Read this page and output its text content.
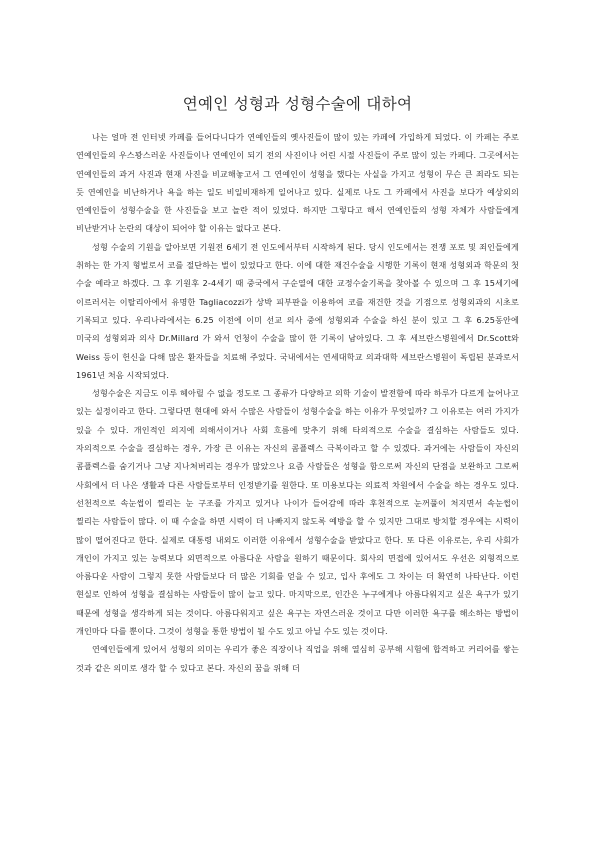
연예인 성형과 성형수술에 대하여

나는 얼마 전 인터넷 카페를 들어다니다가 연예인들의 옛사진들이 많이 있는 카페에 가입하게 되었다. 이 카페는 주로 연예인들의 우스꽝스러운 사진들이나 연예인이 되기 전의 사진이나 어린 시절 사진들이 주로 많이 있는 카페다. 그곳에서는 연예인들의 과거 사진과 현재 사진을 비교해놓고서 그 연예인이 성형을 했다는 사실을 가지고 성형이 무슨 큰 죄라도 되는 듯 연예인을 비난하거나 욕을 하는 일도 비일비재하게 일어나고 있다. 실제로 나도 그 카페에서 사진을 보다가 예상외의 연예인들이 성형수술을 한 사진들을 보고 놀란 적이 있었다. 하지만 그렇다고 해서 연예인들의 성형 자체가 사람들에게 비난받거나 논란의 대상이 되어야 할 이유는 없다고 본다.

성형 수술의 기원을 알아보면 기원전 6세기 전 인도에서부터 시작하게 된다. 당시 인도에서는 전쟁 포로 및 죄인들에게 취하는 한 가지 형벌로서 코를 절단하는 벌이 있었다고 한다. 이에 대한 재건수술을 시행한 기록이 현재 성형외과 학문의 첫 수술 예라고 하겠다. 그 후 기원후 2-4세기 때 중국에서 구순열에 대한 교정수술기록을 찾아볼 수 있으며 그 후 15세기에 이르러서는 이탈리아에서 유명한 Tagliacozzi가 상박 피부판을 이용하여 코를 재건한 것을 기점으로 성형외과의 시초로 기록되고 있다. 우리나라에서는 6.25 이전에 이미 선교 의사 중에 성형외과 수술을 하신 분이 있고 그 후 6.25동안에 미국의 성형외과 의사 Dr.Millard 가 와서 언청이 수술을 많이 한 기록이 남아있다. 그 후 세브란스병원에서 Dr.Scott와 Weiss 등이 헌신을 다해 많은 환자들을 치료해 주었다. 국내에서는 연세대학교 의과대학 세브란스병원이 독립된 분과로서 1961년 처음 시작되었다.

성형수술은 지금도 이루 헤아릴 수 없을 정도로 그 종류가 다양하고 의학 기술이 발전함에 따라 하루가 다르게 늘어나고 있는 실정이라고 한다. 그렇다면 현대에 와서 수많은 사람들이 성형수술을 하는 이유가 무엇일까? 그 이유로는 여러 가지가 있을 수 있다. 개인적인 의지에 의해서이거나 사회 흐름에 맞추기 위해 타의적으로 수술을 결심하는 사람들도 있다. 자의적으로 수술을 결심하는 경우, 가장 큰 이유는 자신의 콤플렉스 극복이라고 할 수 있겠다. 과거에는 사람들이 자신의 콤플렉스를 숨기거나 그냥 지나쳐버리는 경우가 많았으나 요즘 사람들은 성형을 함으로써 자신의 단점을 보완하고 그로써 사회에서 더 나은 생활과 다른 사람들로부터 인정받기를 원한다. 또 미용보다는 의료적 차원에서 수술을 하는 경우도 있다. 선천적으로 속눈썹이 찔리는 눈 구조를 가지고 있거나 나이가 들어감에 따라 후천적으로 눈꺼풀이 처지면서 속눈썹이 찔리는 사람들이 많다. 이 때 수술을 하면 시력이 더 나빠지지 않도록 예방을 할 수 있지만 그대로 방치할 경우에는 시력이 많이 떨어진다고 한다. 실제로 대통령 내외도 이러한 이유에서 성형수술을 받았다고 한다. 또 다른 이유로는, 우리 사회가 개인이 가지고 있는 능력보다 외면적으로 아름다운 사람을 원하기 때문이다. 회사의 면접에 있어서도 우선은 외형적으로 아름다운 사람이 그렇지 못한 사람들보다 더 많은 기회를 얻을 수 있고, 입사 후에도 그 차이는 더 확연히 나타난다. 이런 현실로 인하여 성형을 결심하는 사람들이 많이 늘고 있다. 마지막으로, 인간은 누구에게나 아름다워지고 싶은 욕구가 있기 때문에 성형을 생각하게 되는 것이다. 아름다워지고 싶은 욕구는 자연스러운 것이고 다만 이러한 욕구를 해소하는 방법이 개인마다 다를 뿐이다. 그것이 성형을 통한 방법이 될 수도 있고 아닐 수도 있는 것이다.

연예인들에게 있어서 성형의 의미는 우리가 좋은 직장이나 직업을 위해 열심히 공부해 시험에 합격하고 커리어를 쌓는 것과 같은 의미로 생각 할 수 있다고 본다. 자신의 꿈을 위해 더
